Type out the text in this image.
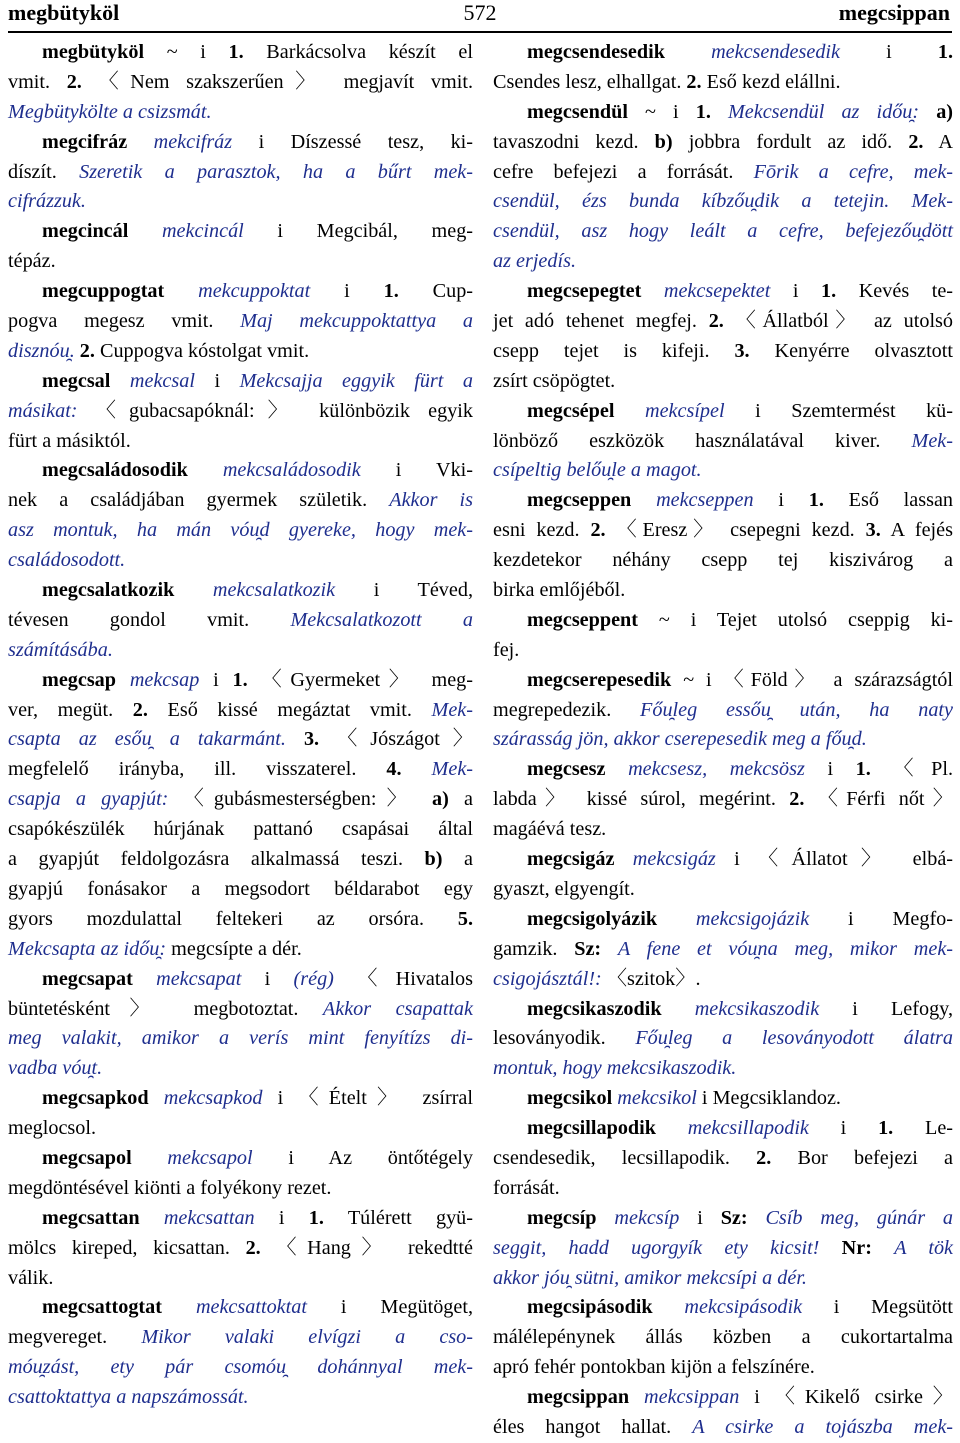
megbütyköl	572	megcsippan
megbütyköl ~ i 1. Barkácsolva készít el
vmit. 2. 〈Nem szakszerűen〉 megjavít vmit.
Megbütykölte a csizsmát.
megcifráz mekcifráz i Díszessé tesz, ki-
díszít. Szeretik a parasztok, ha a bűrt mek-
cifrázzuk.
megcincál mekcincál i Megcibál, meg-
tépáz.
megcuppogtat mekcuppoktat i 1. Cup-
pogva megesz vmit. Maj mekcuppoktattya a
disznóu̯. 2. Cuppogva kóstolgat vmit.
megcsal mekcsal i Mekcsajja eggyik fürt a
másikat: 〈gubacsapóknál:〉 különbözik egyik
fürt a másiktól.
megcsaládosodik mekcsaládosodik i Vki-
nek a családjában gyermek születik. Akkor is
asz montuk, ha mán vóu̯d gyereke, hogy mek-
családosodott.
megcsalatkozik mekcsalatkozik i Téved,
tévesen gondol vmit. Mekcsalatkozott a
számításába.
megcsap mekcsap i 1. 〈Gyermeket〉 meg-
ver, megüt. 2. Eső kissé megáztat vmit. Mek-
csapta az esőu̯ a takarmánt. 3. 〈Jószágot〉
megfelelő irányba, ill. visszaterel. 4. Mek-
csapja a gyapjút: 〈gubásmesterségben:〉 a) a
csapókészülék húrjának pattanó csapásai által
a gyapjút feldolgozásra alkalmassá teszi. b) a
gyapjú fonásakor a megsodort béldarabot egy
gyors mozdulattal feltekeri az orsóra. 5.
Mekcsapta az időu̯: megcsípte a dér.
megcsapat mekcsapat i (rég) 〈Hivatalos
büntetésként〉 megbotoztat. Akkor csapattak
meg valakit, amikor a verís mint fenyítízs di-
vadba vóu̯t.
megcsapkod mekcsapkod i 〈Ételt〉 zsírral
meglocsol.
megcsapol mekcsapol i Az öntőtégely
megdöntésével kiönti a folyékony rezet.
megcsattan mekcsattan i 1. Túlérett gyü-
mölcs kireped, kicsattan. 2. 〈Hang〉 rekedtté
válik.
megcsattogtat mekcsattoktat i Megütöget,
megvereget. Mikor valaki elvígzi a cso-
móu̯zást, ety pár csomóu̯ dohánnyal mek-
csattoktattya a napszámossát.
megcsendesedik mekcsendesedik i 1.
Csendes lesz, elhallgat. 2. Eső kezd elállni.
megcsendül ~ i 1. Mekcsendül az időu̯: a)
tavaszodni kezd. b) jobbra fordult az idő. 2. A
cefre befejezi a forrását. Fōrik a cefre, mek-
csendül, ézs bunda kíbzőu̯dik a tetejin. Mek-
csendül, asz hogy leált a cefre, befejezőu̯dött
az erjedís.
megcsepegtet mekcsepektet i 1. Kevés te-
jet adó tehenet megfej. 2. 〈Állatból〉 az utolsó
csepp tejet is kifeji. 3. Kenyérre olvasztott
zsírt csöpögtet.
megcsépel mekcsípel i Szemtermést kü-
lönböző eszközök használatával kiver. Mek-
csípeltig belőu̯le a magot.
megcseppen mekcseppen i 1. Eső lassan
esni kezd. 2. 〈Eresz〉 csepegni kezd. 3. A fejés
kezdetekor néhány csepp tej kiszivárog a
birka emlőjéből.
megcseppent ~ i Tejet utolsó cseppig ki-
fej.
megcserepesedik ~ i 〈Föld〉 a szárazságtól
megrepedezik. Főu̯leg essőu̯ után, ha naty
szárasság jön, akkor cserepesedik meg a főu̯d.
megcsesz mekcsesz, mekcsösz i 1. 〈Pl.
labda〉 kissé súrol, megérint. 2. 〈Férfi nőt〉
magáévá tesz.
megcsigáz mekcsigáz i 〈Állatot〉 elbá-
gyaszt, elgyengít.
megcsigolyázik mekcsigojázik i Megfo-
gamzik. Sz: A fene et vóu̯na meg, mikor mek-
csigojásztál!: 〈szitok〉.
megcsikaszodik mekcsikaszodik i Lefogy,
lesoványodik. Főu̯leg a lesoványodott álatra
montuk, hogy mekcsikaszodik.
megcsikol mekcsikol i Megcsiklandoz.
megcsillapodik mekcsillapodik i 1. Le-
csendesedik, lecsillapodik. 2. Bor befejezi a
forrását.
megcsíp mekcsíp i Sz: Csíb meg, gúnár a
seggit, hadd ugorgyík ety kicsit! Nr: A tök
akkor jóu̯ sütni, amikor mekcsípi a dér.
megcsipásodik mekcsipásodik i Megsütött
málélepénynek állás közben a cukortartalma
apró fehér pontokban kijön a felszínére.
megcsippan mekcsippan i 〈Kikelő csirke〉
éles hangot hallat. A csirke a tojászba mek-
